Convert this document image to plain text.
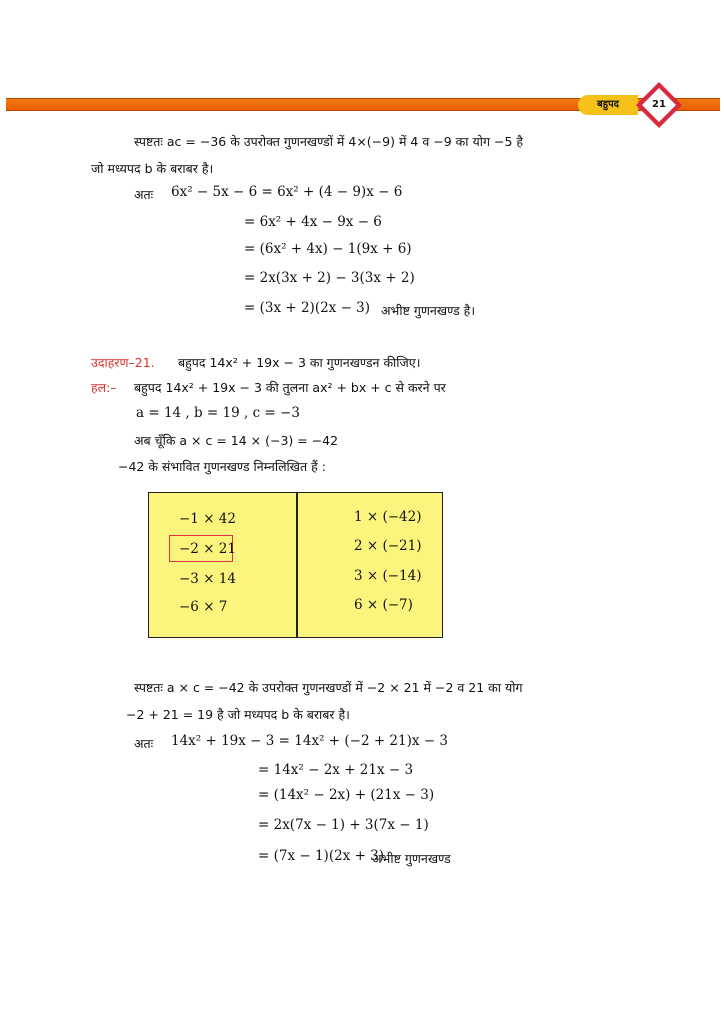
बहुपद	21
स्पष्टतः ac = −36 के उपरोक्त गुणनखण्डों में 4×(−9) में 4 व −9 का योग −5 है
जो मध्यपद b के बराबर है।
अतः 6x² − 5x − 6 = 6x² + (4 − 9)x − 6
= 6x² + 4x − 9x − 6
= (6x² + 4x) − 1(9x + 6)
= 2x(3x + 2) − 3(3x + 2)
= (3x + 2)(2x − 3) अभीष्ट गुणनखण्ड है।
उदाहरण–21. बहुपद 14x² + 19x − 3 का गुणनखण्डन कीजिए।
हल:– बहुपद 14x² + 19x − 3 की तुलना ax² + bx + c से करने पर
a = 14 , b = 19 , c = −3
अब चूँकि a × c = 14 × (−3) = −42
−42 के संभावित गुणनखण्ड निम्नलिखित हैं :
−1 × 42
−2 × 21
−3 × 14
−6 × 7
1 × (−42)
2 × (−21)
3 × (−14)
6 × (−7)
स्पष्टतः a × c = −42 के उपरोक्त गुणनखण्डों में −2 × 21 में −2 व 21 का योग
−2 + 21 = 19 है जो मध्यपद b के बराबर है।
अतः 14x² + 19x − 3 = 14x² + (−2 + 21)x − 3
= 14x² − 2x + 21x − 3
= (14x² − 2x) + (21x − 3)
= 2x(7x − 1) + 3(7x − 1)
= (7x − 1)(2x + 3)
अभीष्ट गुणनखण्ड
